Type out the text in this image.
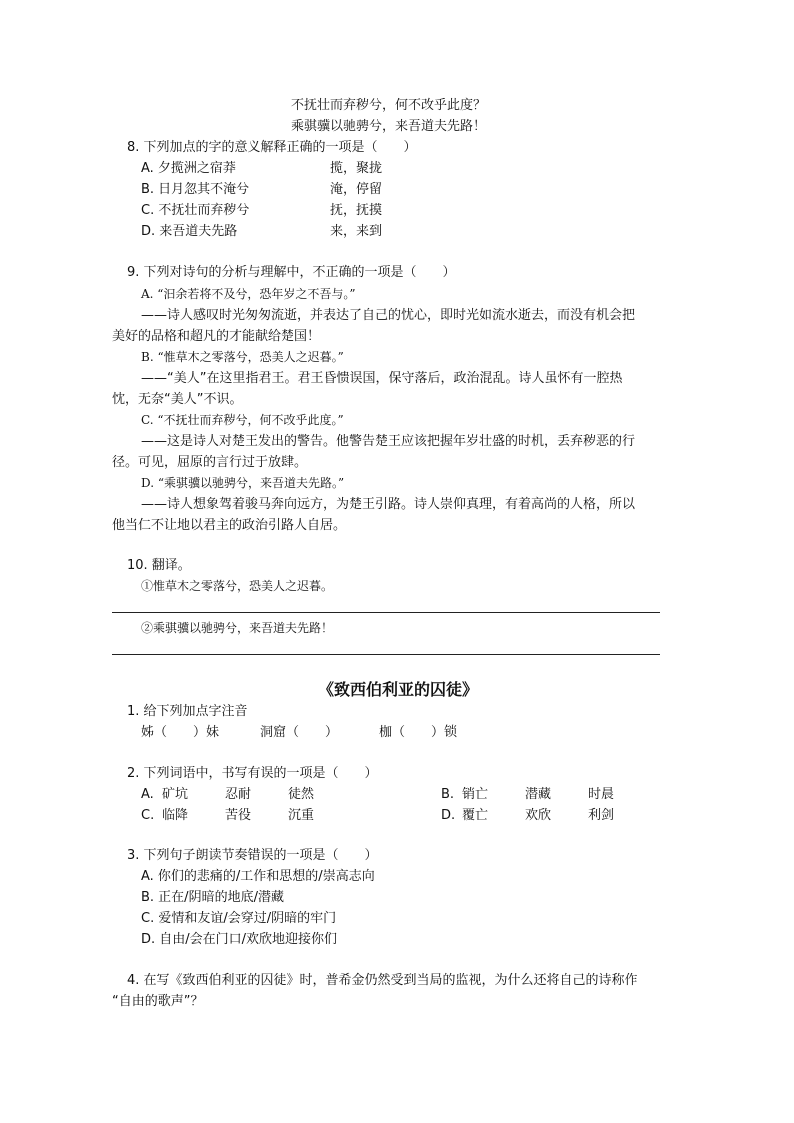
不抚壮而弃秽兮，何不改乎此度？
乘骐骥以驰骋兮，来吾道夫先路！
8. 下列加点的字的意义解释正确的一项是（　　）
A. 夕揽洲之宿莽	揽，聚拢
B. 日月忽其不淹兮	淹，停留
C. 不抚壮而弃秽兮	抚，抚摸
D. 来吾道夫先路	来，来到
9. 下列对诗句的分析与理解中，不正确的一项是（　　）
A. “汩余若将不及兮，恐年岁之不吾与。”
——诗人感叹时光匆匆流逝，并表达了自己的忧心，即时光如流水逝去，而没有机会把
美好的品格和超凡的才能献给楚国！
B. “惟草木之零落兮，恐美人之迟暮。”
——“美人”在这里指君王。君王昏愦误国，保守落后，政治混乱。诗人虽怀有一腔热
忱，无奈“美人”不识。
C. “不抚壮而弃秽兮，何不改乎此度。”
——这是诗人对楚王发出的警告。他警告楚王应该把握年岁壮盛的时机，丢弃秽恶的行
径。可见，屈原的言行过于放肆。
D. “乘骐骥以驰骋兮，来吾道夫先路。”
——诗人想象驾着骏马奔向远方，为楚王引路。诗人崇仰真理，有着高尚的人格，所以
他当仁不让地以君主的政治引路人自居。
10. 翻译。
①惟草木之零落兮，恐美人之迟暮。
②乘骐骥以驰骋兮，来吾道夫先路！
《致西伯利亚的囚徒》
1. 给下列加点字注音
姊（　　）妹	洞窟（　　）	枷（　　）锁
2. 下列词语中，书写有误的一项是（　　）
A. 矿坑	忍耐	徒然	B. 销亡	潜藏	时晨
C. 临降	苦役	沉重	D. 覆亡	欢欣	利剑
3. 下列句子朗读节奏错误的一项是（　　）
A. 你们的悲痛的/工作和思想的/崇高志向
B. 正在/阴暗的地底/潜藏
C. 爱情和友谊/会穿过/阴暗的牢门
D. 自由/会在门口/欢欣地迎接你们
4. 在写《致西伯利亚的囚徒》时，普希金仍然受到当局的监视，为什么还将自己的诗称作
“自由的歌声”？
